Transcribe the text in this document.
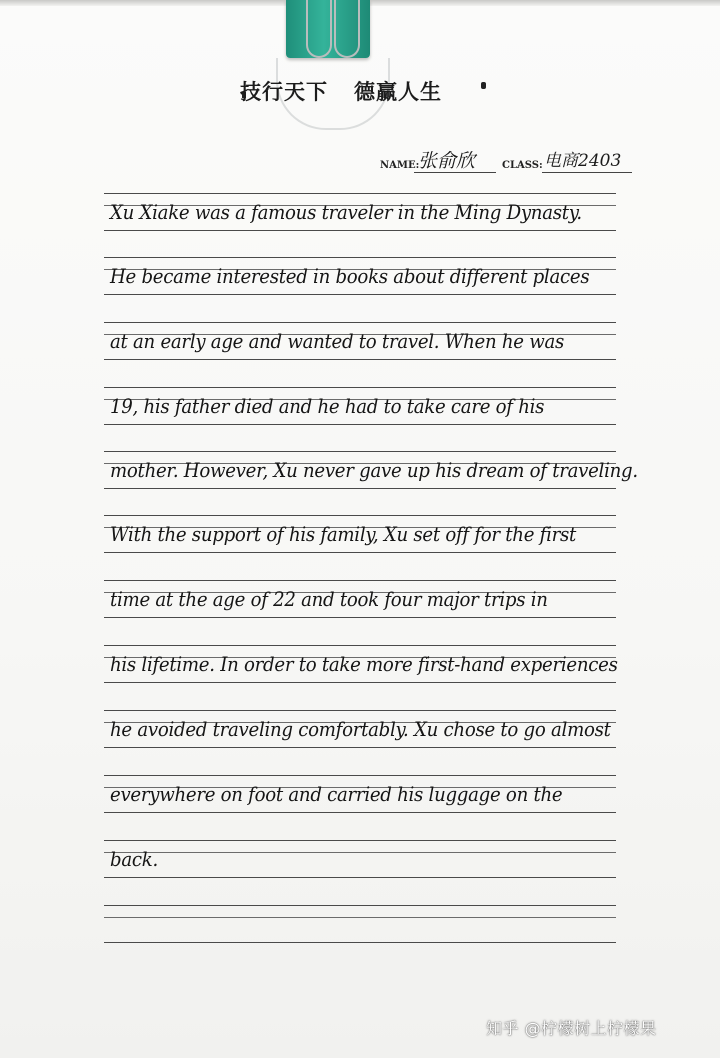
技行天下 德赢人生
NAME:
张俞欣	CLASS: 电商2403
Xu Xiake was a famous traveler in the Ming Dynasty.
He became interested in books about different places
at an early age and wanted to travel. When he was
19, his father died and he had to take care of his
mother. However, Xu never gave up his dream of traveling.
With the support of his family, Xu set off for the first
time at the age of 22 and took four major trips in
his lifetime. In order to take more first-hand experiences
he avoided traveling comfortably. Xu chose to go almost
everywhere on foot and carried his luggage on the
back.
知乎 @柠檬树上柠檬果
